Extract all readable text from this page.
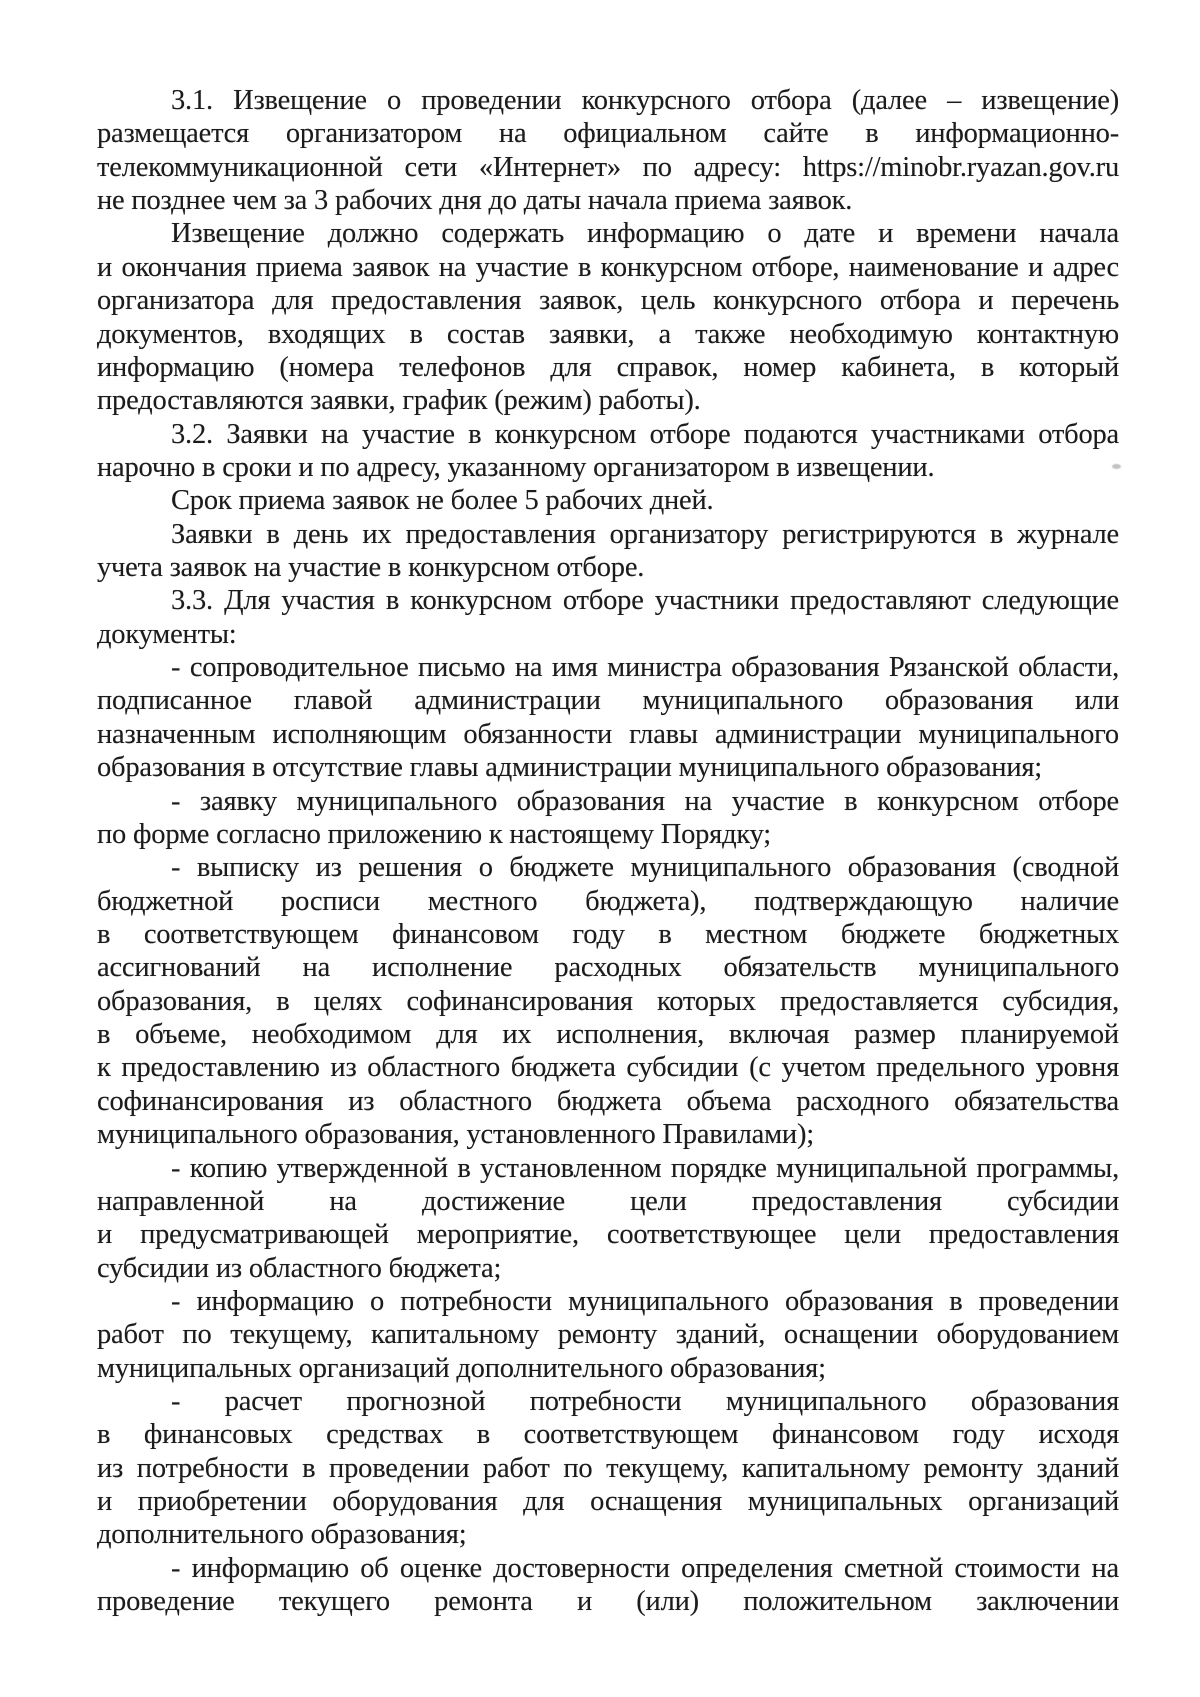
3.1. Извещение о проведении конкурсного отбора (далее – извещение)
размещается организатором на официальном сайте в информационно-
телекоммуникационной сети «Интернет» по адресу: https://minobr.ryazan.gov.ru
не позднее чем за 3 рабочих дня до даты начала приема заявок.
Извещение должно содержать информацию о дате и времени начала
и окончания приема заявок на участие в конкурсном отборе, наименование и адрес
организатора для предоставления заявок, цель конкурсного отбора и перечень
документов, входящих в состав заявки, а также необходимую контактную
информацию (номера телефонов для справок, номер кабинета, в который
предоставляются заявки, график (режим) работы).
3.2. Заявки на участие в конкурсном отборе подаются участниками отбора
нарочно в сроки и по адресу, указанному организатором в извещении.
Срок приема заявок не более 5 рабочих дней.
Заявки в день их предоставления организатору регистрируются в журнале
учета заявок на участие в конкурсном отборе.
3.3. Для участия в конкурсном отборе участники предоставляют следующие
документы:
- сопроводительное письмо на имя министра образования Рязанской области,
подписанное главой администрации муниципального образования или
назначенным исполняющим обязанности главы администрации муниципального
образования в отсутствие главы администрации муниципального образования;
- заявку муниципального образования на участие в конкурсном отборе
по форме согласно приложению к настоящему Порядку;
- выписку из решения о бюджете муниципального образования (сводной
бюджетной росписи местного бюджета), подтверждающую наличие
в соответствующем финансовом году в местном бюджете бюджетных
ассигнований на исполнение расходных обязательств муниципального
образования, в целях софинансирования которых предоставляется субсидия,
в объеме, необходимом для их исполнения, включая размер планируемой
к предоставлению из областного бюджета субсидии (с учетом предельного уровня
софинансирования из областного бюджета объема расходного обязательства
муниципального образования, установленного Правилами);
- копию утвержденной в установленном порядке муниципальной программы,
направленной на достижение цели предоставления субсидии
и предусматривающей мероприятие, соответствующее цели предоставления
субсидии из областного бюджета;
- информацию о потребности муниципального образования в проведении
работ по текущему, капитальному ремонту зданий, оснащении оборудованием
муниципальных организаций дополнительного образования;
- расчет прогнозной потребности муниципального образования
в финансовых средствах в соответствующем финансовом году исходя
из потребности в проведении работ по текущему, капитальному ремонту зданий
и приобретении оборудования для оснащения муниципальных организаций
дополнительного образования;
- информацию об оценке достоверности определения сметной стоимости на
проведение текущего ремонта и (или) положительном заключении
